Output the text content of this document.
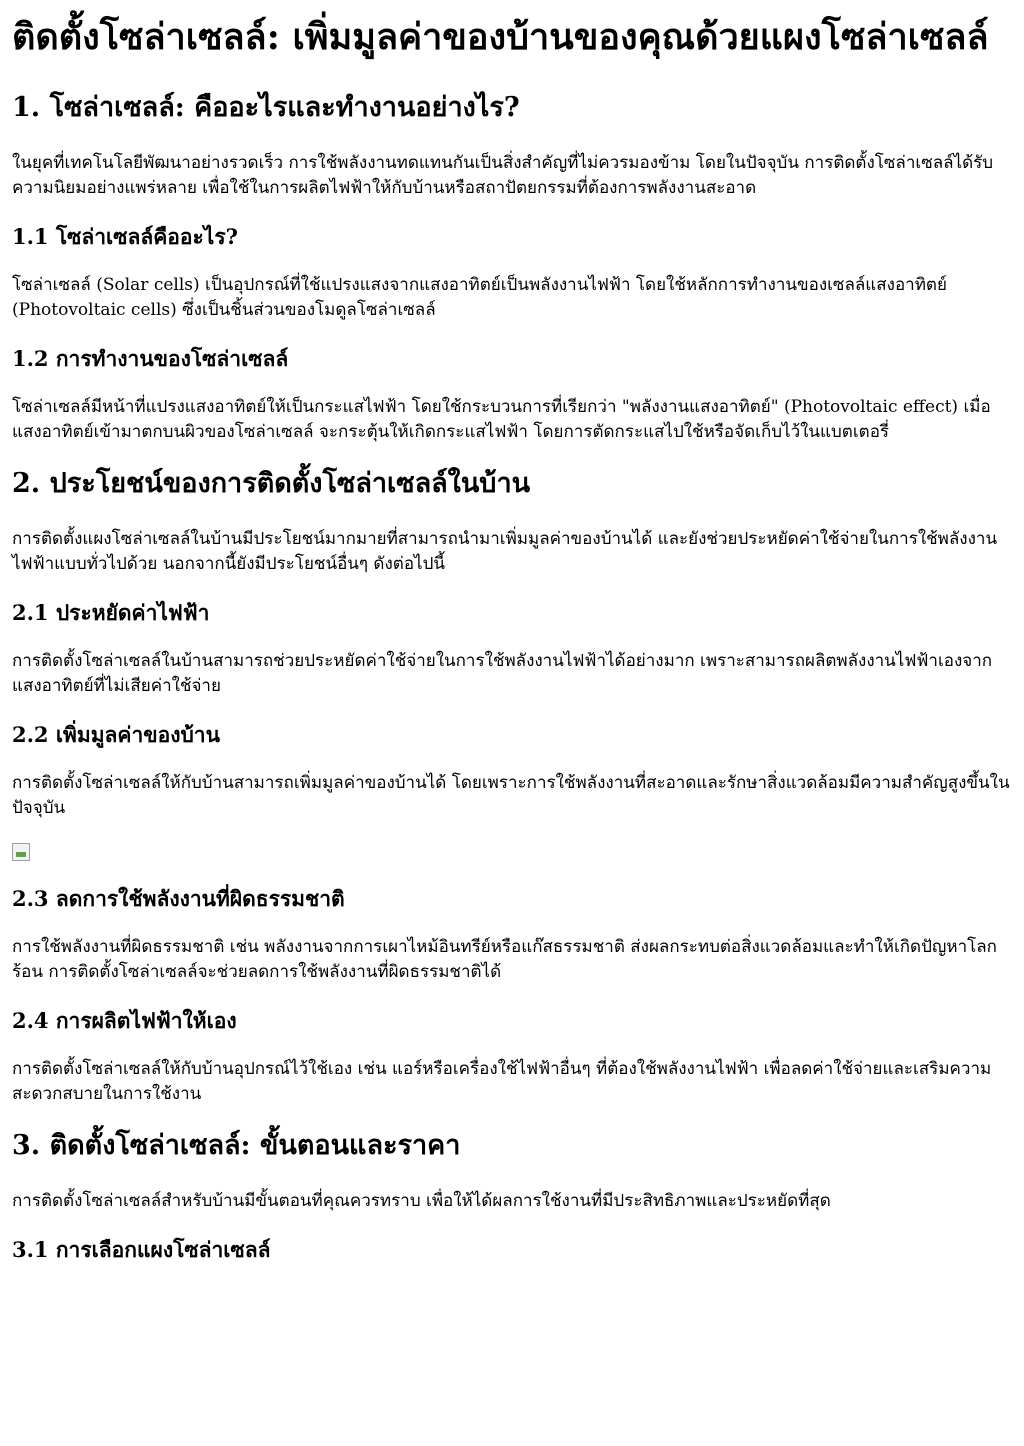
ติดตั้งโซล่าเซลล์: เพิ่มมูลค่าของบ้านของคุณด้วยแผงโซล่าเซลล์
1. โซล่าเซลล์: คืออะไรและทำงานอย่างไร?

ในยุคที่เทคโนโลยีพัฒนาอย่างรวดเร็ว การใช้พลังงานทดแทนกันเป็นสิ่งสำคัญที่ไม่ควรมองข้าม โดยในปัจจุบัน การติดตั้งโซล่าเซลล์ได้รับความนิยมอย่างแพร่หลาย เพื่อใช้ในการผลิตไฟฟ้าให้กับบ้านหรือสถาปัตยกรรมที่ต้องการพลังงานสะอาด

1.1 โซล่าเซลล์คืออะไร?

โซล่าเซลล์ (Solar cells) เป็นอุปกรณ์ที่ใช้แปรงแสงจากแสงอาทิตย์เป็นพลังงานไฟฟ้า โดยใช้หลักการทำงานของเซลล์แสงอาทิตย์ (Photovoltaic cells) ซึ่งเป็นชิ้นส่วนของโมดูลโซล่าเซลล์

1.2 การทำงานของโซล่าเซลล์

โซล่าเซลล์มีหน้าที่แปรงแสงอาทิตย์ให้เป็นกระแสไฟฟ้า โดยใช้กระบวนการที่เรียกว่า "พลังงานแสงอาทิตย์" (Photovoltaic effect) เมื่อแสงอาทิตย์เข้ามาตกบนผิวของโซล่าเซลล์ จะกระตุ้นให้เกิดกระแสไฟฟ้า โดยการตัดกระแสไปใช้หรือจัดเก็บไว้ในแบตเตอรี่

2. ประโยชน์ของการติดตั้งโซล่าเซลล์ในบ้าน

การติดตั้งแผงโซล่าเซลล์ในบ้านมีประโยชน์มากมายที่สามารถนำมาเพิ่มมูลค่าของบ้านได้ และยังช่วยประหยัดค่าใช้จ่ายในการใช้พลังงานไฟฟ้าแบบทั่วไปด้วย นอกจากนี้ยังมีประโยชน์อื่นๆ ดังต่อไปนี้

2.1 ประหยัดค่าไฟฟ้า

การติดตั้งโซล่าเซลล์ในบ้านสามารถช่วยประหยัดค่าใช้จ่ายในการใช้พลังงานไฟฟ้าได้อย่างมาก เพราะสามารถผลิตพลังงานไฟฟ้าเองจากแสงอาทิตย์ที่ไม่เสียค่าใช้จ่าย

2.2 เพิ่มมูลค่าของบ้าน

การติดตั้งโซล่าเซลล์ให้กับบ้านสามารถเพิ่มมูลค่าของบ้านได้ โดยเพราะการใช้พลังงานที่สะอาดและรักษาสิ่งแวดล้อมมีความสำคัญสูงขึ้นในปัจจุบัน

2.3 ลดการใช้พลังงานที่ผิดธรรมชาติ

การใช้พลังงานที่ผิดธรรมชาติ เช่น พลังงานจากการเผาไหม้อินทรีย์หรือแก๊สธรรมชาติ ส่งผลกระทบต่อสิ่งแวดล้อมและทำให้เกิดปัญหาโลกร้อน การติดตั้งโซล่าเซลล์จะช่วยลดการใช้พลังงานที่ผิดธรรมชาติได้

2.4 การผลิตไฟฟ้าให้เอง

การติดตั้งโซล่าเซลล์ให้กับบ้านอุปกรณ์ไว้ใช้เอง เช่น แอร์หรือเครื่องใช้ไฟฟ้าอื่นๆ ที่ต้องใช้พลังงานไฟฟ้า เพื่อลดค่าใช้จ่ายและเสริมความสะดวกสบายในการใช้งาน

3. ติดตั้งโซล่าเซลล์: ขั้นตอนและราคา

การติดตั้งโซล่าเซลล์สำหรับบ้านมีขั้นตอนที่คุณควรทราบ เพื่อให้ได้ผลการใช้งานที่มีประสิทธิภาพและประหยัดที่สุด

3.1 การเลือกแผงโซล่าเซลล์
